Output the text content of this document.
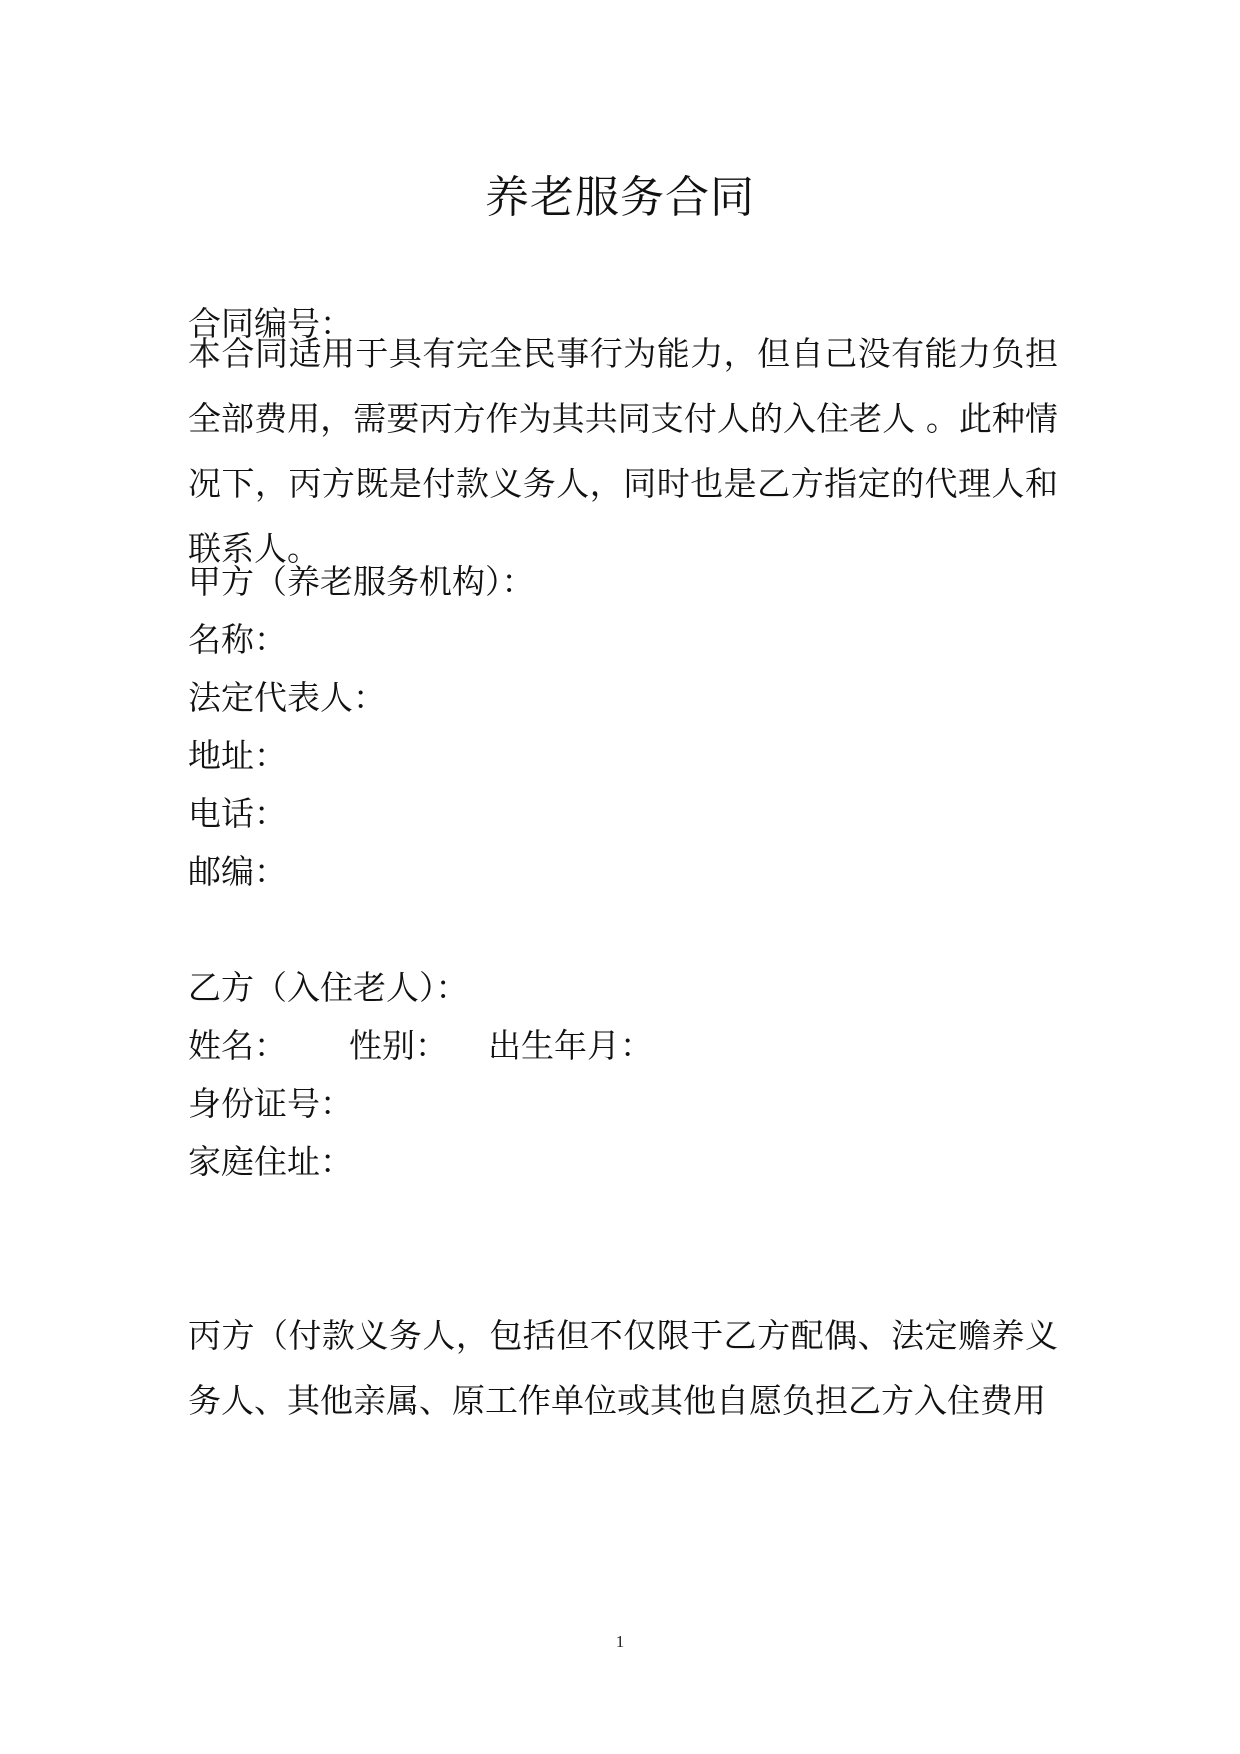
养老服务合同
合同编号：
本合同适用于具有完全民事行为能力，但自己没有能力负担全部费用，需要丙方作为其共同支付人的入住老人 。此种情况下，丙方既是付款义务人，同时也是乙方指定的代理人和联系人。
甲方（养老服务机构）：
名称：
法定代表人：
地址：
电话：
邮编：
乙方（入住老人）：
姓名： 性别： 出生年月：
身份证号：
家庭住址：
丙方（付款义务人，包括但不仅限于乙方配偶、法定赡养义务人、其他亲属、原工作单位或其他自愿负担乙方入住费用
1
